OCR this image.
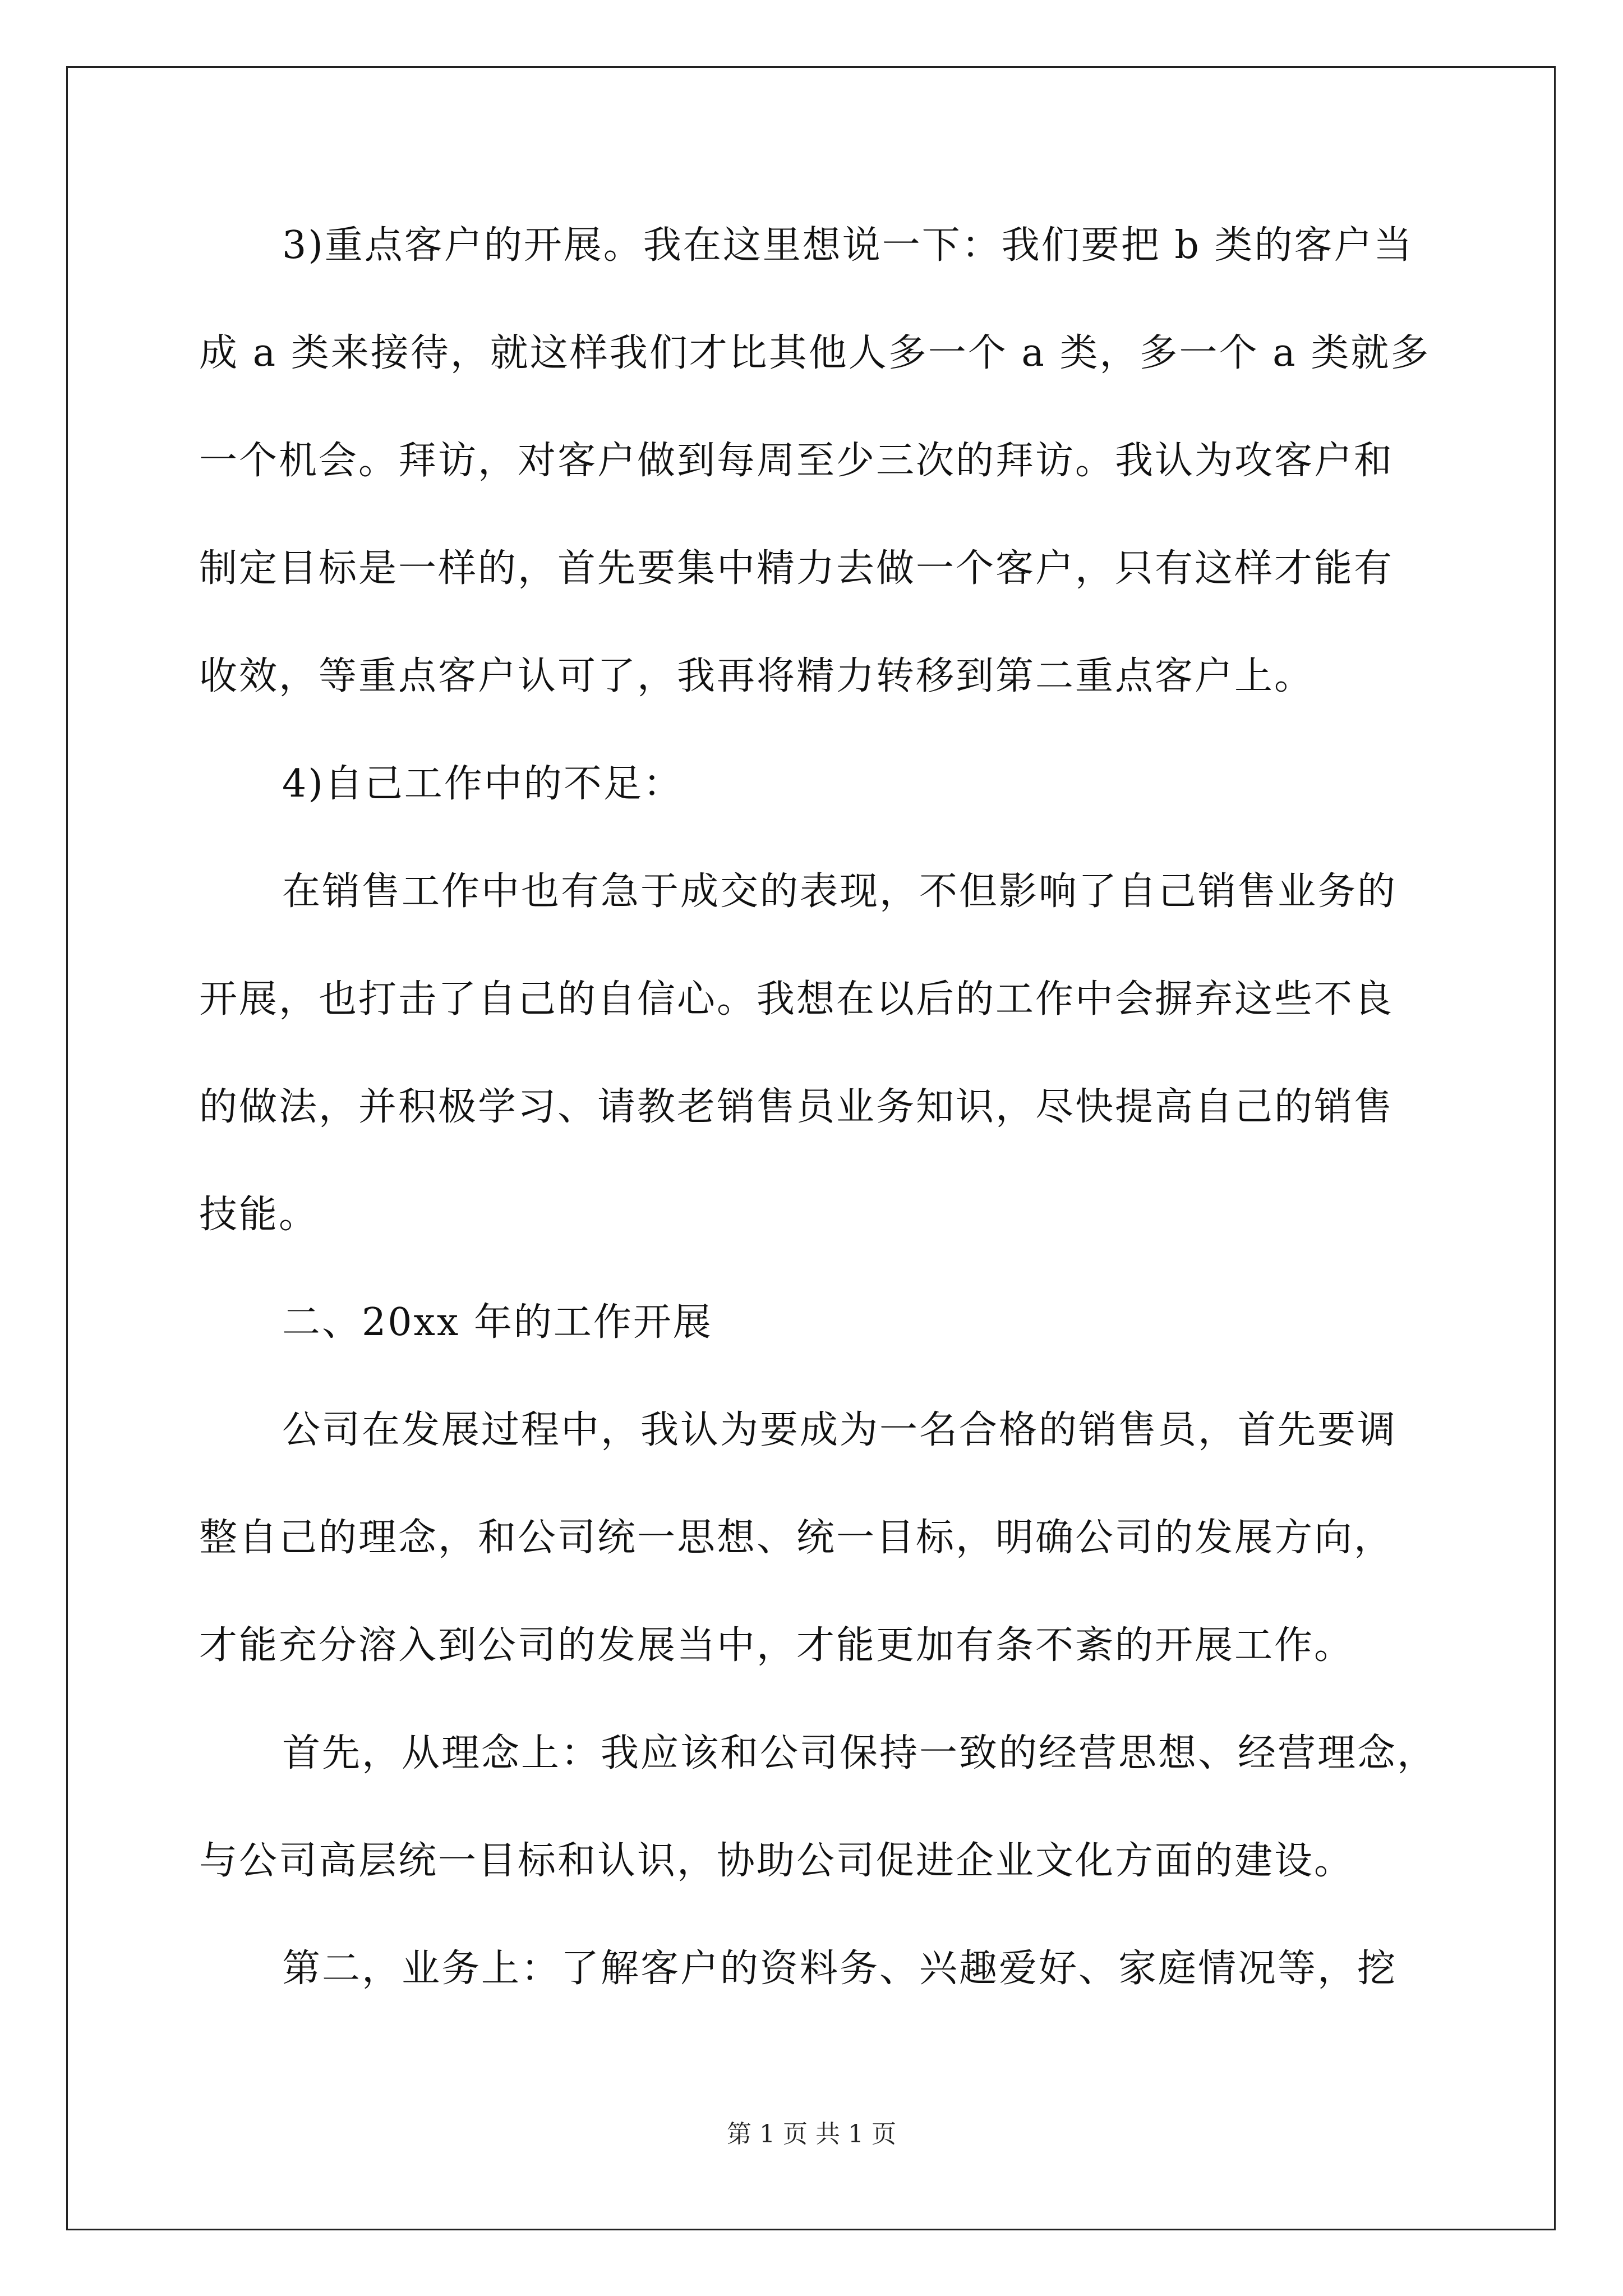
3)重点客户的开展。我在这里想说一下：我们要把 b 类的客户当
成 a 类来接待，就这样我们才比其他人多一个 a 类，多一个 a 类就多
一个机会。拜访，对客户做到每周至少三次的拜访。我认为攻客户和
制定目标是一样的，首先要集中精力去做一个客户，只有这样才能有
收效，等重点客户认可了，我再将精力转移到第二重点客户上。
4)自己工作中的不足：
在销售工作中也有急于成交的表现，不但影响了自己销售业务的
开展，也打击了自己的自信心。我想在以后的工作中会摒弃这些不良
的做法，并积极学习、请教老销售员业务知识，尽快提高自己的销售
技能。
二、20xx 年的工作开展
公司在发展过程中，我认为要成为一名合格的销售员，首先要调
整自己的理念，和公司统一思想、统一目标，明确公司的发展方向，
才能充分溶入到公司的发展当中，才能更加有条不紊的开展工作。
首先，从理念上：我应该和公司保持一致的经营思想、经营理念，
与公司高层统一目标和认识，协助公司促进企业文化方面的建设。
第二，业务上：了解客户的资料务、兴趣爱好、家庭情况等，挖
第 1 页 共 1 页
